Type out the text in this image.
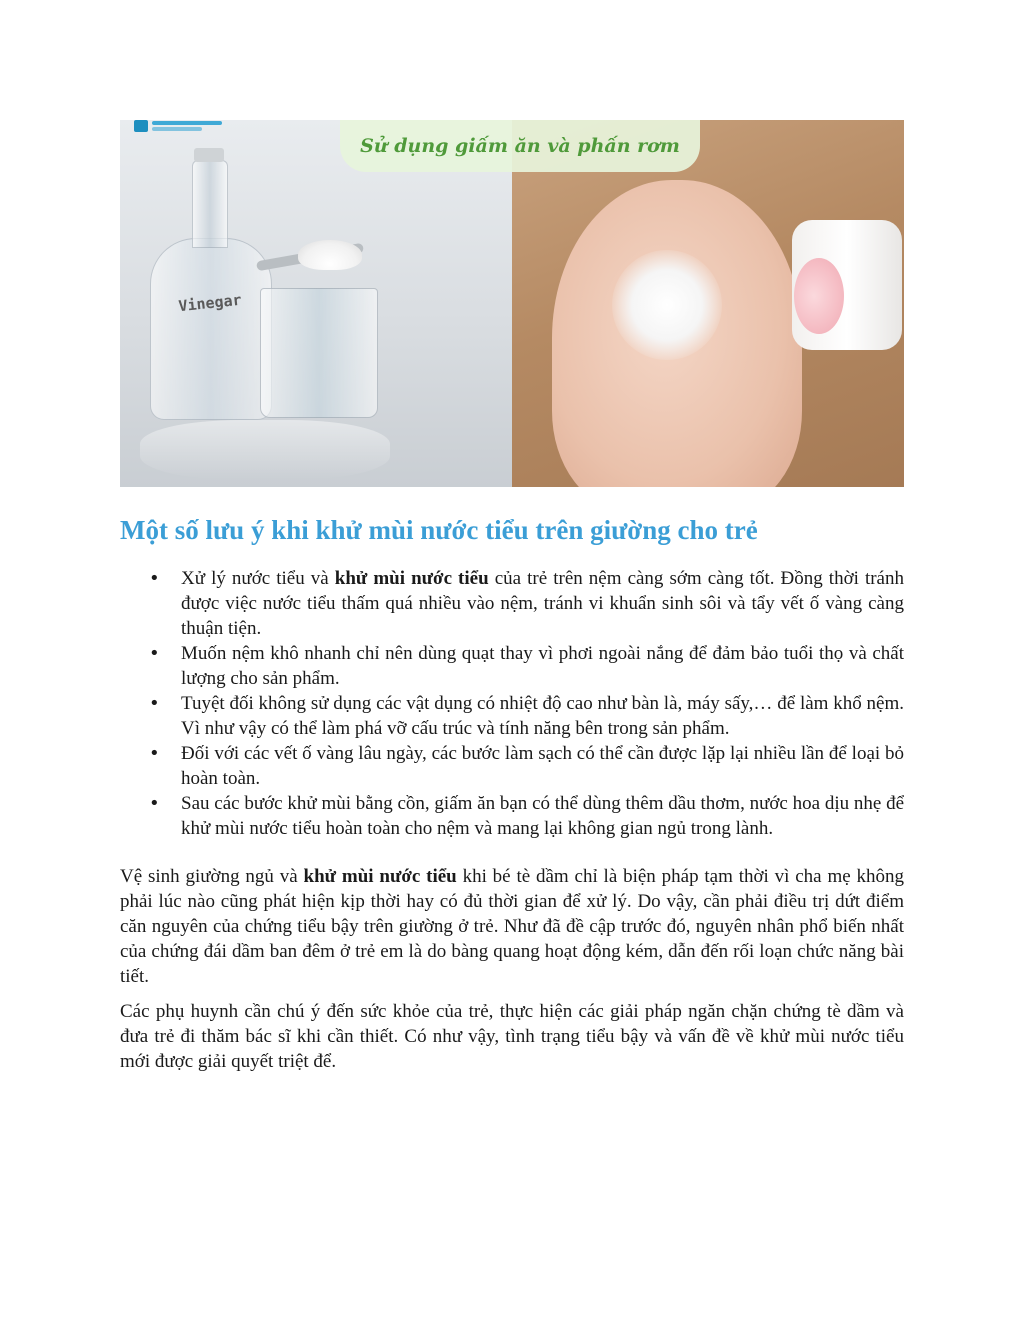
Vinegar
Sử dụng giấm ăn và phấn rơm
Một số lưu ý khi khử mùi nước tiểu trên giường cho trẻ
• Xử lý nước tiểu và khử mùi nước tiểu của trẻ trên nệm càng sớm càng tốt. Đồng thời tránh được việc nước tiểu thấm quá nhiều vào nệm, tránh vi khuẩn sinh sôi và tẩy vết ố vàng càng thuận tiện.
• Muốn nệm khô nhanh chỉ nên dùng quạt thay vì phơi ngoài nắng để đảm bảo tuổi thọ và chất lượng cho sản phẩm.
• Tuyệt đối không sử dụng các vật dụng có nhiệt độ cao như bàn là, máy sấy,… để làm khổ nệm. Vì như vậy có thể làm phá vỡ cấu trúc và tính năng bên trong sản phẩm.
• Đối với các vết ố vàng lâu ngày, các bước làm sạch có thể cần được lặp lại nhiều lần để loại bỏ hoàn toàn.
• Sau các bước khử mùi bằng cồn, giấm ăn bạn có thể dùng thêm dầu thơm, nước hoa dịu nhẹ để khử mùi nước tiểu hoàn toàn cho nệm và mang lại không gian ngủ trong lành.

Vệ sinh giường ngủ và khử mùi nước tiểu khi bé tè dầm chỉ là biện pháp tạm thời vì cha mẹ không phải lúc nào cũng phát hiện kịp thời hay có đủ thời gian để xử lý. Do vậy, cần phải điều trị dứt điểm căn nguyên của chứng tiểu bậy trên giường ở trẻ. Như đã đề cập trước đó, nguyên nhân phổ biến nhất của chứng đái dầm ban đêm ở trẻ em là do bàng quang hoạt động kém, dẫn đến rối loạn chức năng bài tiết.

Các phụ huynh cần chú ý đến sức khỏe của trẻ, thực hiện các giải pháp ngăn chặn chứng tè dầm và đưa trẻ đi thăm bác sĩ khi cần thiết. Có như vậy, tình trạng tiểu bậy và vấn đề về khử mùi nước tiểu mới được giải quyết triệt để.
